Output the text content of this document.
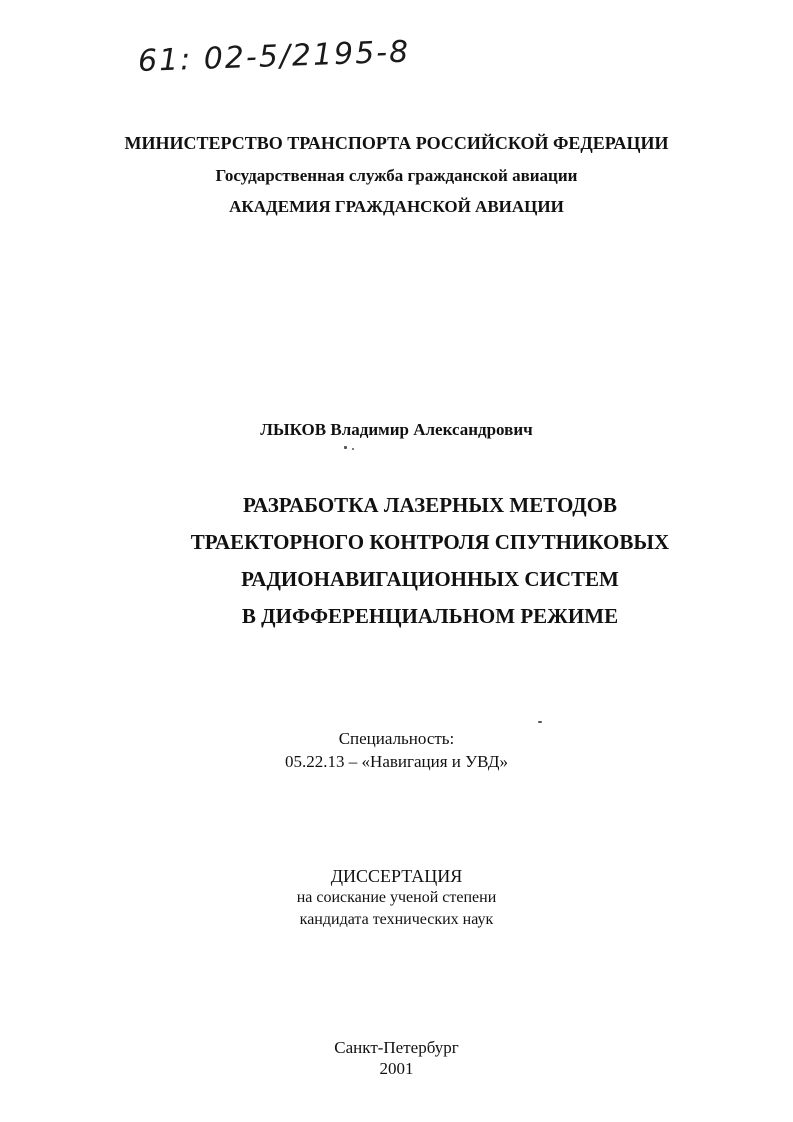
61: 02-5/2195-8
МИНИСТЕРСТВО ТРАНСПОРТА РОССИЙСКОЙ ФЕДЕРАЦИИ
Государственная служба гражданской авиации
АКАДЕМИЯ ГРАЖДАНСКОЙ АВИАЦИИ
ЛЫКОВ Владимир Александрович
РАЗРАБОТКА ЛАЗЕРНЫХ МЕТОДОВ
ТРАЕКТОРНОГО КОНТРОЛЯ СПУТНИКОВЫХ
РАДИОНАВИГАЦИОННЫХ СИСТЕМ
В ДИФФЕРЕНЦИАЛЬНОМ РЕЖИМЕ
Специальность:
05.22.13 – «Навигация и УВД»
ДИССЕРТАЦИЯ
на соискание ученой степени
кандидата технических наук
Санкт-Петербург
2001
